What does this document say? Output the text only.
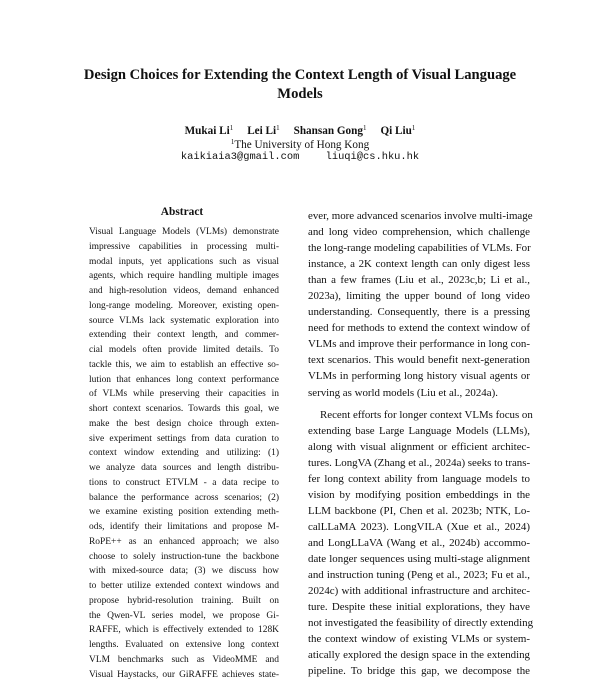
Design Choices for Extending the Context Length of Visual Language
Models
Mukai Li$^1$ Lei Li$^1$ Shansan Gong$^1$ Qi Liu$^1$
$^1$The University of Hong Kong
kaikiaia3@gmail.com	liuqi@cs.hku.hk
Abstract
Visual Language Models (VLMs) demonstrate
impressive capabilities in processing multi-
modal inputs, yet applications such as visual
agents, which require handling multiple images
and high-resolution videos, demand enhanced
long-range modeling. Moreover, existing open-
source VLMs lack systematic exploration into
extending their context length, and commer-
cial models often provide limited details. To
tackle this, we aim to establish an effective so-
lution that enhances long context performance
of VLMs while preserving their capacities in
short context scenarios. Towards this goal, we
make the best design choice through exten-
sive experiment settings from data curation to
context window extending and utilizing: (1)
we analyze data sources and length distribu-
tions to construct ETVLM - a data recipe to
balance the performance across scenarios; (2)
we examine existing position extending meth-
ods, identify their limitations and propose M-
RoPE++ as an enhanced approach; we also
choose to solely instruction-tune the backbone
with mixed-source data; (3) we discuss how
to better utilize extended context windows and
propose hybrid-resolution training. Built on
the Qwen-VL series model, we propose Gi-
RAFFE, which is effectively extended to 128K
lengths. Evaluated on extensive long context
VLM benchmarks such as VideoMME and
Visual Haystacks, our GiRAFFE achieves state-
ever, more advanced scenarios involve multi-image
and long video comprehension, which challenge
the long-range modeling capabilities of VLMs. For
instance, a 2K context length can only digest less
than a few frames (Liu et al., 2023c,b; Li et al.,
2023a), limiting the upper bound of long video
understanding. Consequently, there is a pressing
need for methods to extend the context window of
VLMs and improve their performance in long con-
text scenarios. This would benefit next-generation
VLMs in performing long history visual agents or
serving as world models (Liu et al., 2024a).
Recent efforts for longer context VLMs focus on
extending base Large Language Models (LLMs),
along with visual alignment or efficient architec-
tures. LongVA (Zhang et al., 2024a) seeks to trans-
fer long context ability from language models to
vision by modifying position embeddings in the
LLM backbone (PI, Chen et al. 2023b; NTK, Lo-
calLLaMA 2023). LongVILA (Xue et al., 2024)
and LongLLaVA (Wang et al., 2024b) accommo-
date longer sequences using multi-stage alignment
and instruction tuning (Peng et al., 2023; Fu et al.,
2024c) with additional infrastructure and architec-
ture. Despite these initial explorations, they have
not investigated the feasibility of directly extending
the context window of existing VLMs or system-
atically explored the design space in the extending
pipeline. To bridge this gap, we decompose the
